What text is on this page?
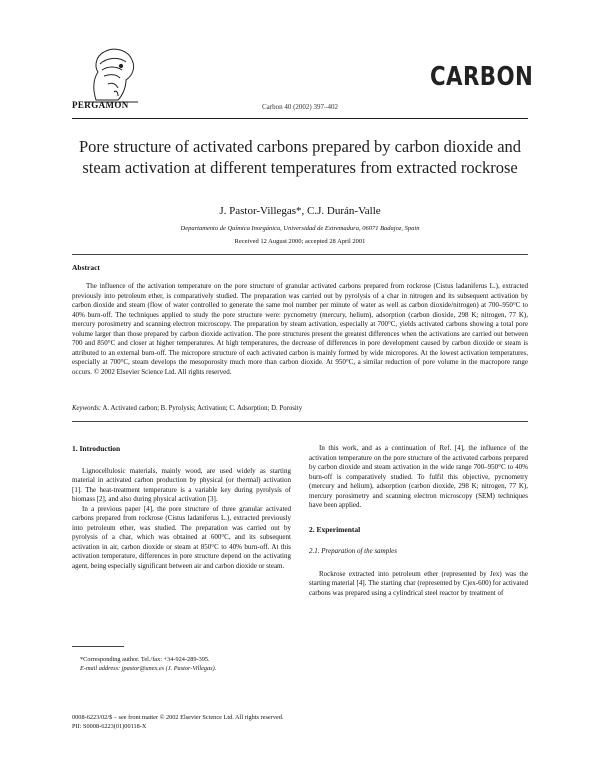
PERGAMON	Carbon 40 (2002) 397–402
CARBON
Pore structure of activated carbons prepared by carbon dioxide and steam activation at different temperatures from extracted rockrose
J. Pastor-Villegas*, C.J. Durán-Valle
Departamento de Química Inorgánica, Universidad de Extremadura, 06071 Badajoz, Spain
Received 12 August 2000; accepted 28 April 2001
Abstract
The influence of the activation temperature on the pore structure of granular activated carbons prepared from rockrose (Cistus ladaniferus L.), extracted previously into petroleum ether, is comparatively studied. The preparation was carried out by pyrolysis of a char in nitrogen and its subsequent activation by carbon dioxide and steam (flow of water controlled to generate the same mol number per minute of water as well as carbon dioxide/nitrogen) at 700–950°C to 40% burn-off. The techniques applied to study the pore structure were: pycnometry (mercury, helium), adsorption (carbon dioxide, 298 K; nitrogen, 77 K), mercury porosimetry and scanning electron microscopy. The preparation by steam activation, especially at 700°C, yields activated carbons showing a total pore volume larger than those prepared by carbon dioxide activation. The pore structures present the greatest differences when the activations are carried out between 700 and 850°C and closer at higher temperatures. At high temperatures, the decrease of differences in pore development caused by carbon dioxide or steam is attributed to an external burn-off. The micropore structure of each activated carbon is mainly formed by wide micropores. At the lowest activation temperatures, especially at 700°C, steam develops the mesoporosity much more than carbon dioxide. At 950°C, a similar reduction of pore volume in the macropore range occurs. © 2002 Elsevier Science Ltd. All rights reserved.
Keywords: A. Activated carbon; B. Pyrolysis; Activation; C. Adsorption; D. Porosity
1. Introduction

Lignocellulosic materials, mainly wood, are used widely as starting material in activated carbon production by physical (or thermal) activation [1]. The heat-treatment temperature is a variable key during pyrolysis of biomass [2], and also during physical activation [3].

In a previous paper [4], the pore structure of three granular activated carbons prepared from rockrose (Cistus ladaniferus L.), extracted previously into petroleum ether, was studied. The preparation was carried out by pyrolysis of a char, which was obtained at 600°C, and its subsequent activation in air, carbon dioxide or steam at 850°C to 40% burn-off. At this activation temperature, differences in pore structure depend on the activating agent, being especially significant between air and carbon dioxide or steam.

In this work, and as a continuation of Ref. [4], the influence of the activation temperature on the pore structure of the activated carbons prepared by carbon dioxide and steam activation in the wide range 700–950°C to 40% burn-off is comparatively studied. To fulfil this objective, pycnometry (mercury and helium), adsorption (carbon dioxide, 298 K; nitrogen, 77 K), mercury porosimetry and scanning electron microscopy (SEM) techniques have been applied.

2. Experimental
2.1. Preparation of the samples

Rockrose extracted into petroleum ether (represented by Jex) was the starting material [4]. The starting char (represented by Cjex-600) for activated carbons was prepared using a cylindrical steel reactor by treatment of

*Corresponding author. Tel./fax: +34-924-289-395.
E-mail address: jpastor@unex.es (J. Pastor-Villegas).
0008-6223/02/$ – see front matter © 2002 Elsevier Science Ltd. All rights reserved.
PII: S0008-6223(01)00118-X
